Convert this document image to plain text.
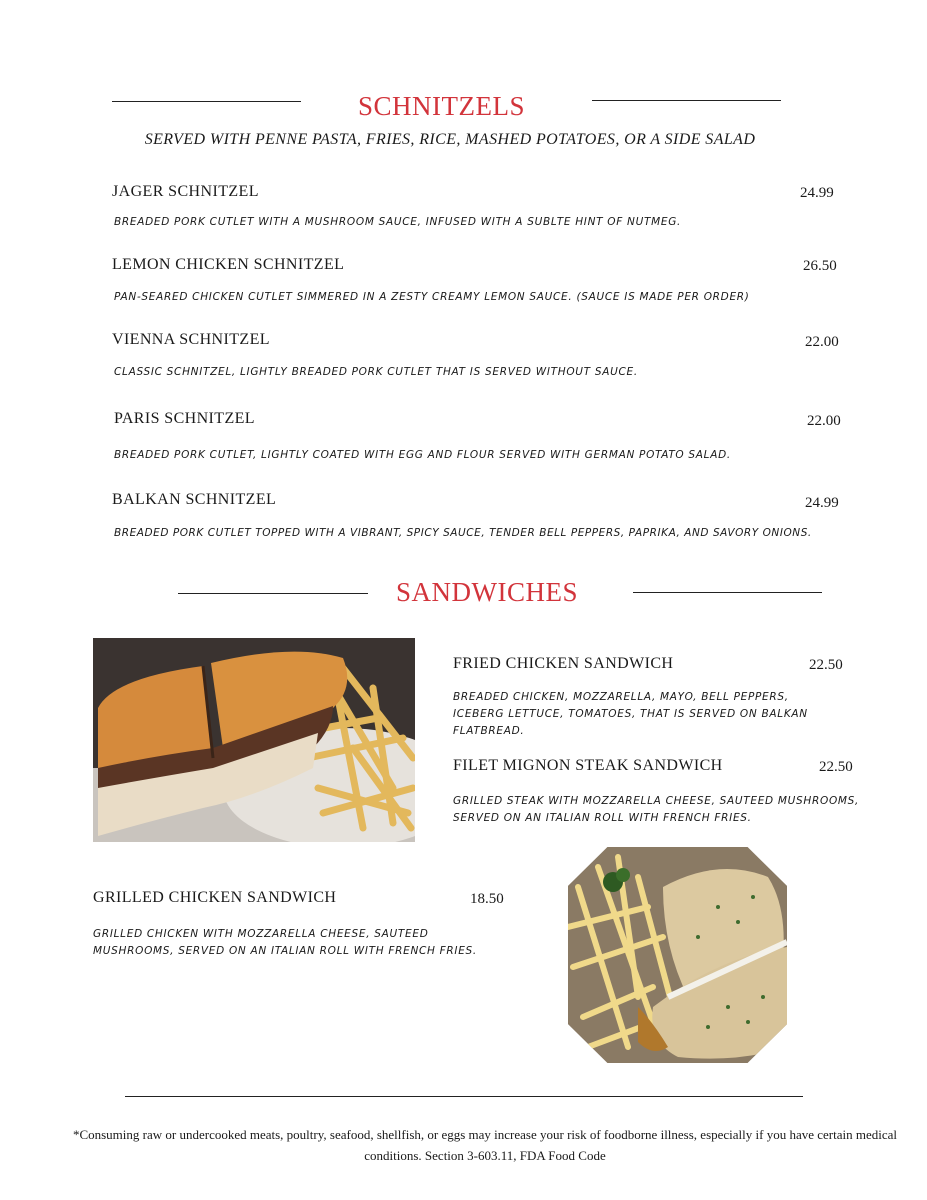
SCHNITZELS
SERVED WITH PENNE PASTA, FRIES, RICE, MASHED POTATOES, OR A SIDE SALAD
JAGER SCHNITZEL	24.99
BREADED PORK CUTLET WITH A MUSHROOM SAUCE, INFUSED WITH A SUBLTE HINT OF NUTMEG.
LEMON CHICKEN SCHNITZEL	26.50
PAN-SEARED CHICKEN CUTLET SIMMERED IN A ZESTY CREAMY LEMON SAUCE. (SAUCE IS MADE PER ORDER)
VIENNA SCHNITZEL	22.00
CLASSIC SCHNITZEL, LIGHTLY BREADED PORK CUTLET THAT IS SERVED WITHOUT SAUCE.
PARIS SCHNITZEL	22.00
BREADED PORK CUTLET, LIGHTLY COATED WITH EGG AND FLOUR SERVED WITH GERMAN POTATO SALAD.
BALKAN SCHNITZEL	24.99
BREADED PORK CUTLET TOPPED WITH A VIBRANT, SPICY SAUCE, TENDER BELL PEPPERS, PAPRIKA, AND SAVORY ONIONS.
SANDWICHES
FRIED CHICKEN SANDWICH	22.50
BREADED CHICKEN, MOZZARELLA, MAYO, BELL PEPPERS, ICEBERG LETTUCE, TOMATOES, THAT IS SERVED ON BALKAN FLATBREAD.
FILET MIGNON STEAK SANDWICH	22.50
GRILLED STEAK WITH MOZZARELLA CHEESE, SAUTEED MUSHROOMS, SERVED ON AN ITALIAN ROLL WITH FRENCH FRIES.
GRILLED CHICKEN SANDWICH	18.50
GRILLED CHICKEN WITH MOZZARELLA CHEESE, SAUTEED MUSHROOMS, SERVED ON AN ITALIAN ROLL WITH FRENCH FRIES.
*Consuming raw or undercooked meats, poultry, seafood, shellfish, or eggs may increase your risk of foodborne illness, especially if you have certain medical conditions. Section 3-603.11, FDA Food Code
